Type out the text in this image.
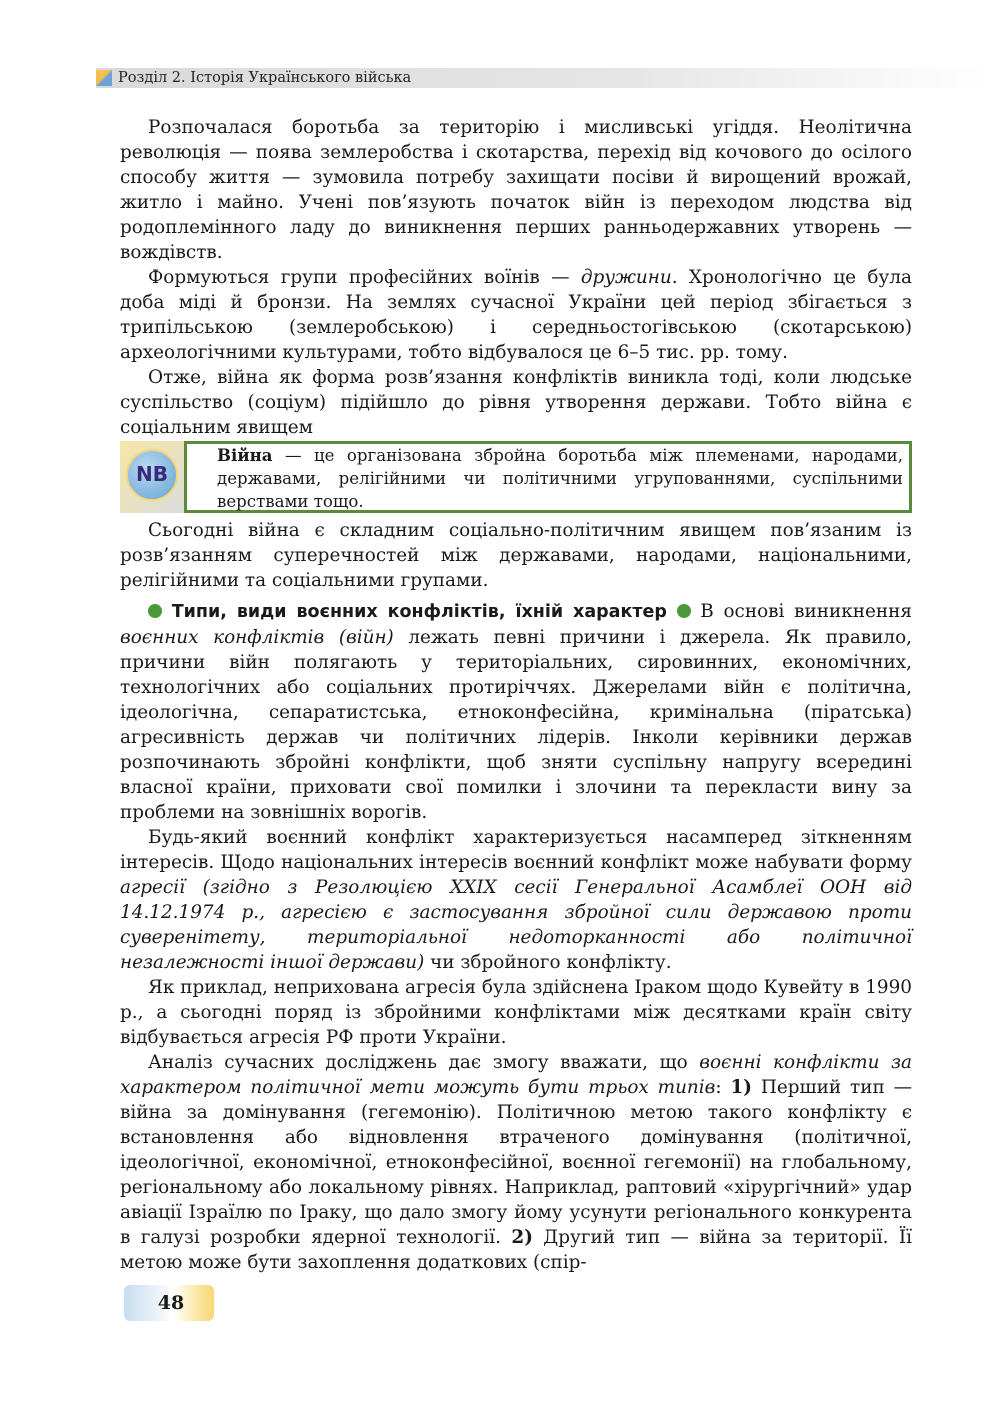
Розділ 2. Історія Українського війська

Розпочалася боротьба за територію і мисливські угіддя. Неолітична революція — поява землеробства і скотарства, перехід від кочового до осілого способу життя — зумовила потребу захищати посіви й вирощений врожай, житло і майно. Учені пов’язують початок війн із переходом людства від родоплемінного ладу до виникнення перших ранньодержавних утворень — вождівств.

Формуються групи професійних воїнів — дружини. Хронологічно це була доба міді й бронзи. На землях сучасної України цей період збігається з трипільською (землеробською) і середньостогівською (скотарською) археологічними культурами, тобто відбувалося це 6–5 тис. рр. тому.

Отже, війна як форма розв’язання конфліктів виникла тоді, коли людське суспільство (соціум) підійшло до рівня утворення держави. Тобто війна є соціальним явищем

NB

Війна — це організована збройна боротьба між племенами, народами, державами, релігійними чи політичними угрупованнями, суспільними верствами тощо.

Сьогодні війна є складним соціально-політичним явищем пов’язаним із розв’язанням суперечностей між державами, народами, національними, релігійними та соціальними групами.

Типи, види воєнних конфліктів, їхній характер  В основі виникнення воєнних конфліктів (війн) лежать певні причини і джерела. Як правило, причини війн полягають у територіальних, сировинних, економічних, технологічних або соціальних протиріччях. Джерелами війн є політична, ідеологічна, сепаратистська, етноконфесійна, кримінальна (піратська) агресивність держав чи політичних лідерів. Інколи керівники держав розпочинають збройні конфлікти, щоб зняти суспільну напругу всередині власної країни, приховати свої помилки і злочини та перекласти вину за проблеми на зовнішніх ворогів.

Будь-який воєнний конфлікт характеризується насамперед зіткненням інтересів. Щодо національних інтересів воєнний конфлікт може набувати форму агресії (згідно з Резолюцією XXIX сесії Генеральної Асамблеї ООН від 14.12.1974 р., агресією є застосування збройної сили державою проти суверенітету, територіальної недоторканності або політичної незалежності іншої держави) чи збройного конфлікту.

Як приклад, неприхована агресія була здійснена Іраком щодо Кувейту в 1990 р., а сьогодні поряд із збройними конфліктами між десятками країн світу відбувається агресія РФ проти України.

Аналіз сучасних досліджень дає змогу вважати, що воєнні конфлікти за характером політичної мети можуть бути трьох типів: 1) Перший тип — війна за домінування (гегемонію). Політичною метою такого конфлікту є встановлення або відновлення втраченого домінування (політичної, ідеологічної, економічної, етноконфесійної, воєнної гегемонії) на глобальному, регіональному або локальному рівнях. Наприклад, раптовий «хірургічний» удар авіації Ізраїлю по Іраку, що дало змогу йому усунути регіонального конкурента в галузі розробки ядерної технології. 2) Другий тип — війна за території. Її метою може бути захоплення додаткових (спір-

48
